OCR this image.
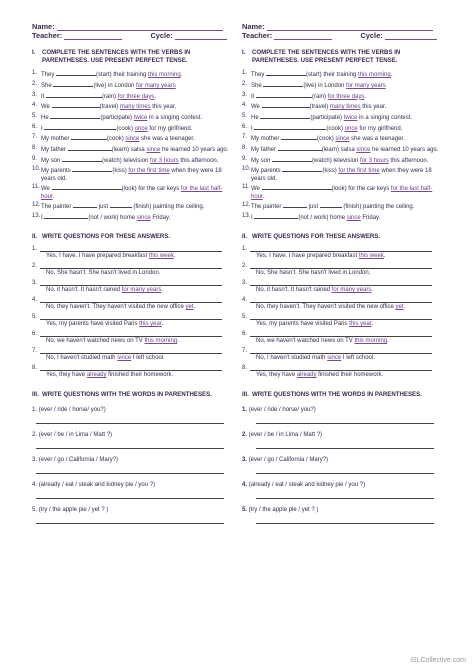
Name:
Teacher:	Cycle:
I. COMPLETE THE SENTENCES WITH THE VERBS IN PARENTHESES. USE PRESENT PERFECT TENSE.
1. They	(start) their training this morning.
2. She	(live) in London for many years
3. It	(rain) for three days.
4. We	(travel) many times this year.
5. He	(participate) twice in a singing contest.
6. I	(cook) once for my girlfriend.
7. My mother	(cook) since she was a teenager.
8. My father	(learn) salsa since he learned 10 years ago.
9. My son	(watch) television for 3 hours this afternoon.
10. My parents	(kiss) for the first time when they were 18 years old.
11. We	(look) for the car keys for the last half-hour.
12. The painter	just	(finish) painting the ceiling.
13. I	(not / work) home since Friday.
II. WRITE QUESTIONS FOR THESE ANSWERS.
1.
Yes, I have. I have prepared breakfast this week.
2.
No, She hasn't. She hasn't lived in London.
3.
No. it hasn't. It hasn't rained for many years.
4.
No, they haven't. They haven't visited the new office yet.
5.
Yes, my parents have visited Paris this year.
6.
No, we haven't watched news on TV this morning.
7.
No, I haven't studied math since I left school.
8.
Yes, they have already finished their homework.
III. WRITE QUESTIONS WITH THE WORDS IN PARENTHESES.
1. (ever / ride / horse/ you?)
2. (ever / be / in Lima / Matt ?)
3. (ever / go / California / Mary?)
4. (already / eat / steak and kidney pie / you ?)
5. (try / the apple pie / yet ? )
Name:
Teacher:	Cycle:
I. COMPLETE THE SENTENCES WITH THE VERBS IN PARENTHESES. USE PRESENT PERFECT TENSE.
1. They	(start) their training this morning.
2. She	(live) in London for many years
3. It	(rain) for three days.
4. We	(travel) many times this year.
5. He	(participate) twice in a singing contest.
6. I	(cook) once for my girlfriend.
7. My mother	(cook) since she was a teenager.
8. My father	(learn) salsa since he learned 10 years ago.
9. My son	(watch) television for 3 hours this afternoon.
10. My parents	(kiss) for the first time when they were 18 years old.
11. We	(look) for the car keys for the last half-hour.
12. The painter	just	(finish) painting the ceiling.
13. I	(not / work) home since Friday.
II. WRITE QUESTIONS FOR THESE ANSWERS.
1.
Yes, I have. I have prepared breakfast this week.
2.
No, She hasn't. She hasn't lived in London.
3.
No. it hasn't. It hasn't rained for many years.
4.
No, they haven't. They haven't visited the new office yet.
5.
Yes, my parents have visited Paris this year.
6.
No, we haven't watched news on TV this morning.
7.
No, I haven't studied math since I left school.
8.
Yes, they have already finished their homework.
III. WRITE QUESTIONS WITH THE WORDS IN PARENTHESES.
1. (ever / ride / horse/ you?)
2. (ever / be / in Lima / Matt ?)
3. (ever / go / California / Mary?)
4. (already / eat / steak and kidney pie / you ?)
5. (try / the apple pie / yet ? )
iSLCollective.com
